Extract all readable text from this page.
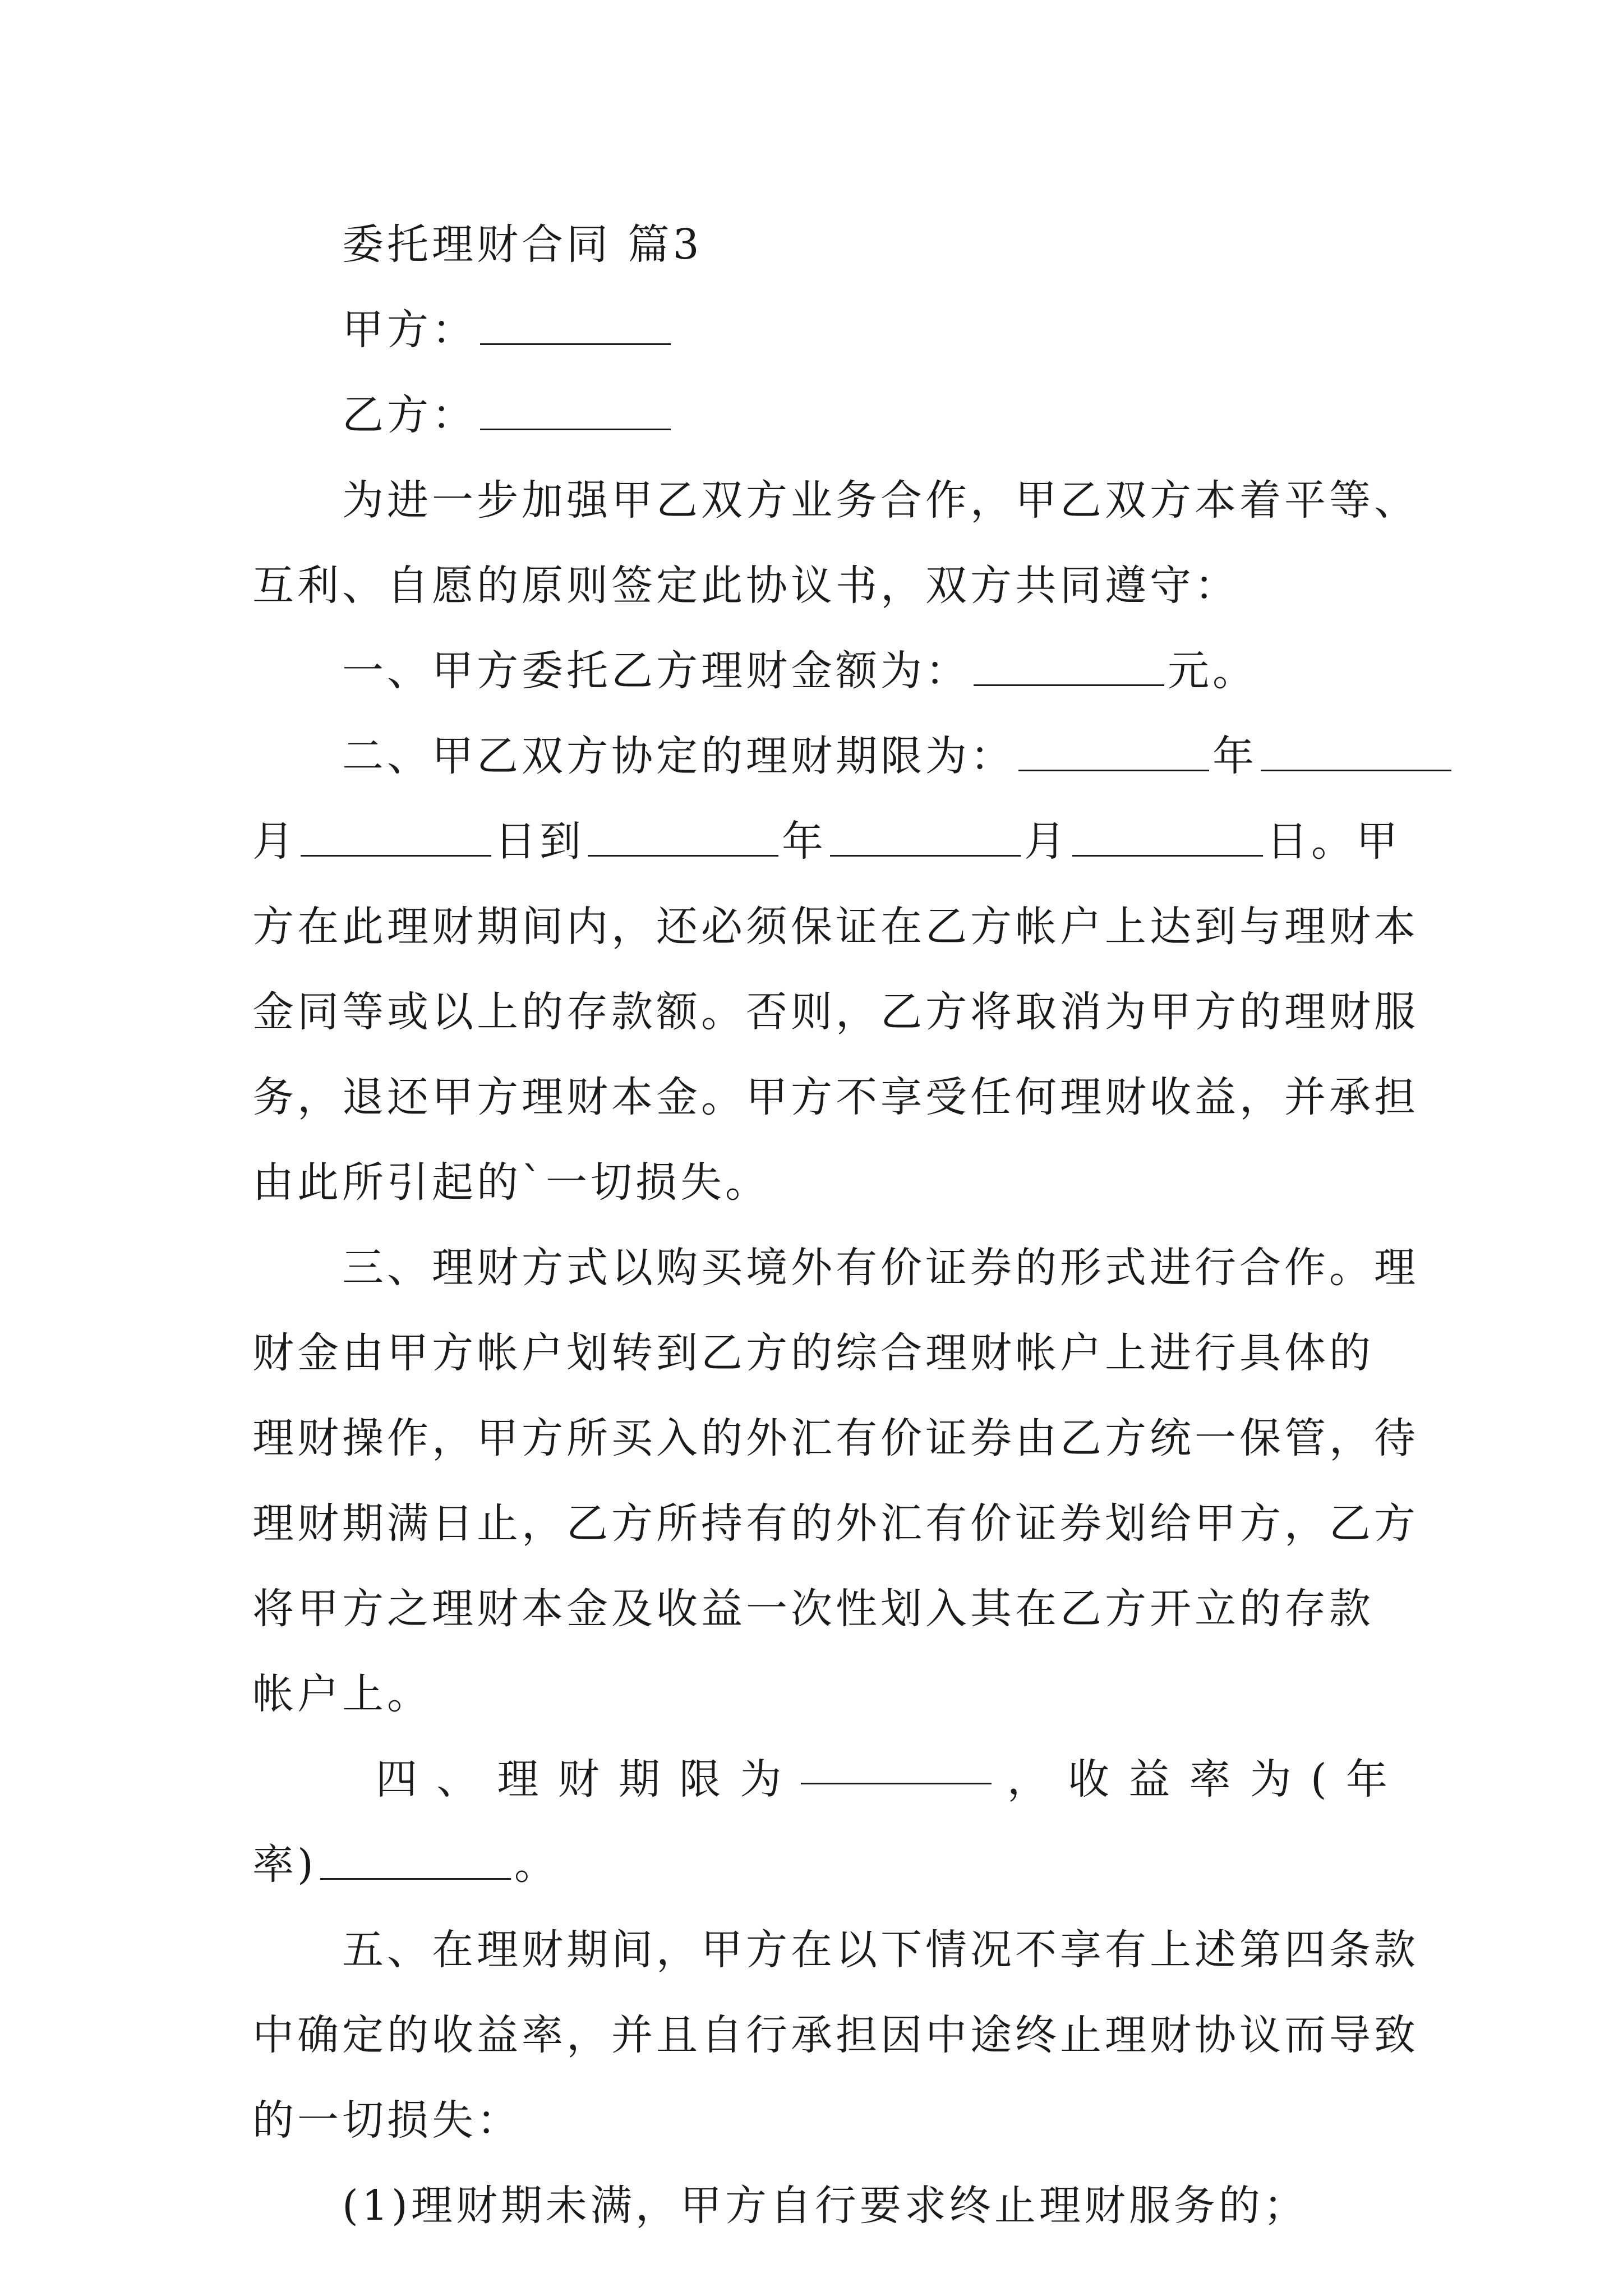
委托理财合同 篇3
甲方：
乙方：
为进一步加强甲乙双方业务合作，甲乙双方本着平等、
互利、自愿的原则签定此协议书，双方共同遵守：
一、甲方委托乙方理财金额为：	元。
二、甲乙双方协定的理财期限为：	年
月	日到	年	月	日。甲
方在此理财期间内，还必须保证在乙方帐户上达到与理财本
金同等或以上的存款额。否则，乙方将取消为甲方的理财服
务，退还甲方理财本金。甲方不享受任何理财收益，并承担
由此所引起的`一切损失。
三、理财方式以购买境外有价证券的形式进行合作。理
财金由甲方帐户划转到乙方的综合理财帐户上进行具体的
理财操作，甲方所买入的外汇有价证券由乙方统一保管，待
理财期满日止，乙方所持有的外汇有价证券划给甲方，乙方
将甲方之理财本金及收益一次性划入其在乙方开立的存款
帐户上。
四 、 理 财 期 限 为	， 收 益 率 为 ( 年
率)	。
五、在理财期间，甲方在以下情况不享有上述第四条款
中确定的收益率，并且自行承担因中途终止理财协议而导致
的一切损失：
(1)理财期未满，甲方自行要求终止理财服务的；
